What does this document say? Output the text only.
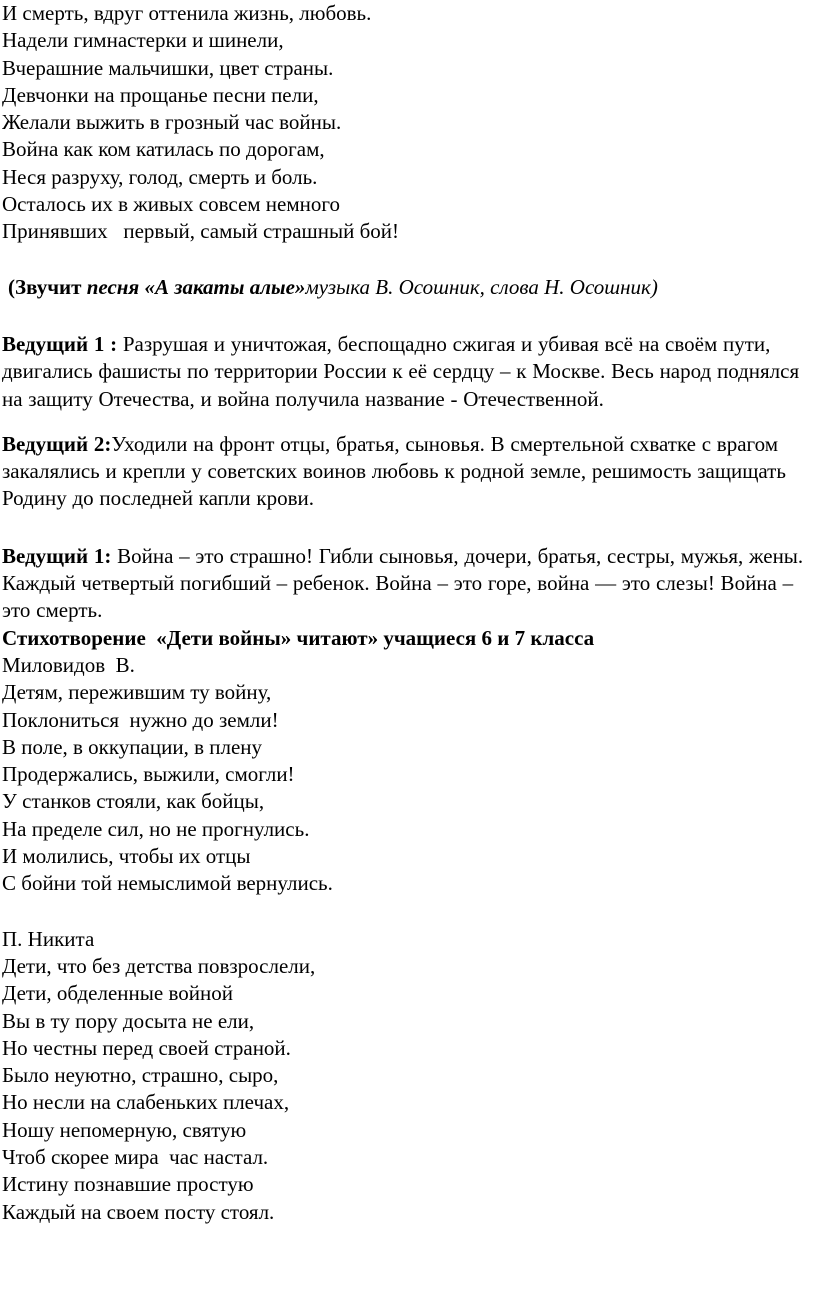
И смерть, вдруг оттенила жизнь, любовь.
Надели гимнастерки и шинели,
Вчерашние мальчишки, цвет страны.
Девчонки на прощанье песни пели,
Желали выжить в грозный час войны.
Война как ком катилась по дорогам,
Неся разруху, голод, смерть и боль.
Осталось их в живых совсем немного
Принявших   первый, самый страшный бой!
(Звучит песня «А закаты алые»музыка В. Осошник, слова Н. Осошник)
Ведущий 1 : Разрушая и уничтожая, беспощадно сжигая и убивая всё на своём пути, двигались фашисты по территории России к её сердцу – к Москве. Весь народ поднялся на защиту Отечества, и война получила название - Отечественной.
Ведущий 2:Уходили на фронт отцы, братья, сыновья. В смертельной схватке с врагом закалялись и крепли у советских воинов любовь к родной земле, решимость защищать Родину до последней капли крови.
Ведущий 1: Война – это страшно! Гибли сыновья, дочери, братья, сестры, мужья, жены. Каждый четвертый погибший – ребенок. Война – это горе, война — это слезы! Война – это смерть.
Стихотворение  «Дети войны» читают» учащиеся 6 и 7 класса
Миловидов  В.
Детям, пережившим ту войну,
Поклониться  нужно до земли!
В поле, в оккупации, в плену
Продержались, выжили, смогли!
У станков стояли, как бойцы,
На пределе сил, но не прогнулись.
И молились, чтобы их отцы
С бойни той немыслимой вернулись.
П. Никита
Дети, что без детства повзрослели,
Дети, обделенные войной
Вы в ту пору досыта не ели,
Но честны перед своей страной.
Было неуютно, страшно, сыро,
Но несли на слабеньких плечах,
Ношу непомерную, святую
Чтоб скорее мира  час настал.
Истину познавшие простую
Каждый на своем посту стоял.
